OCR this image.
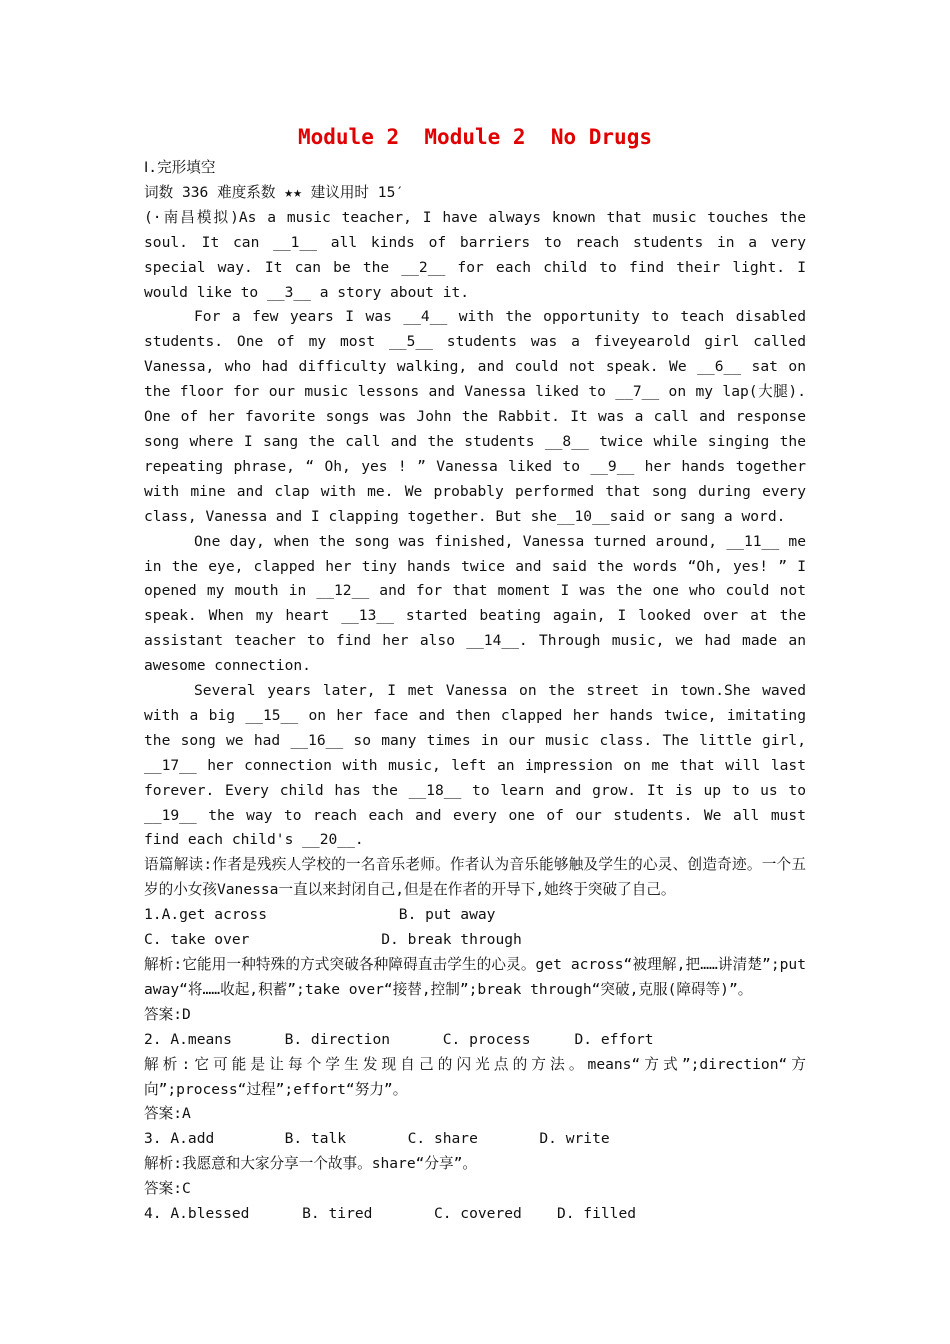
Module 2  Module 2  No Drugs
Ⅰ.完形填空
词数 336 难度系数 ★★ 建议用时 15′

(·南昌模拟)As a music teacher, I have always known that music touches the soul. It can __1__ all kinds of barriers to reach students in a very special way. It can be the __2__ for each child to find their light. I would like to __3__ a story about it.

For a few years I was __4__ with the opportunity to teach disabled students. One of my most __5__ students was a fiveyearold girl called Vanessa, who had difficulty walking, and could not speak. We __6__ sat on the floor for our music lessons and Vanessa liked to __7__ on my lap(大腿). One of her favorite songs was John the Rabbit. It was a call and response song where I sang the call and the students __8__ twice while singing the repeating phrase, “ Oh, yes ! ” Vanessa liked to __9__ her hands together with mine and clap with me. We probably performed that song during every class, Vanessa and I clapping together. But she__10__said or sang a word.

One day, when the song was finished, Vanessa turned around, __11__ me in the eye, clapped her tiny hands twice and said the words “Oh, yes! ” I opened my mouth in __12__ and for that moment I was the one who could not speak. When my heart __13__ started beating again, I looked over at the assistant teacher to find her also __14__. Through music, we had made an awesome connection.

Several years later, I met Vanessa on the street in town.She waved with a big __15__ on her face and then clapped her hands twice, imitating the song we had __16__ so many times in our music class. The little girl, __17__ her connection with music, left an impression on me that will last forever. Every child has the __18__ to learn and grow. It is up to us to __19__ the way to reach each and every one of our students. We all must find each child's __20__.

语篇解读:作者是残疾人学校的一名音乐老师。作者认为音乐能够触及学生的心灵、创造奇迹。一个五岁的小女孩Vanessa一直以来封闭自己,但是在作者的开导下,她终于突破了自己。

1.A.get across               B. put away
C. take over               D. break through

解析:它能用一种特殊的方式突破各种障碍直击学生的心灵。get across“被理解,把……讲清楚”;put away“将……收起,积蓄”;take over“接替,控制”;break through“突破,克服(障碍等)”。

答案:D
2. A.means      B. direction      C. process     D. effort

解析:它可能是让每个学生发现自己的闪光点的方法。means“方式”;direction“方向”;process“过程”;effort“努力”。

答案:A
3. A.add        B. talk       C. share       D. write

解析:我愿意和大家分享一个故事。share“分享”。

答案:C
4. A.blessed      B. tired       C. covered    D. filled
